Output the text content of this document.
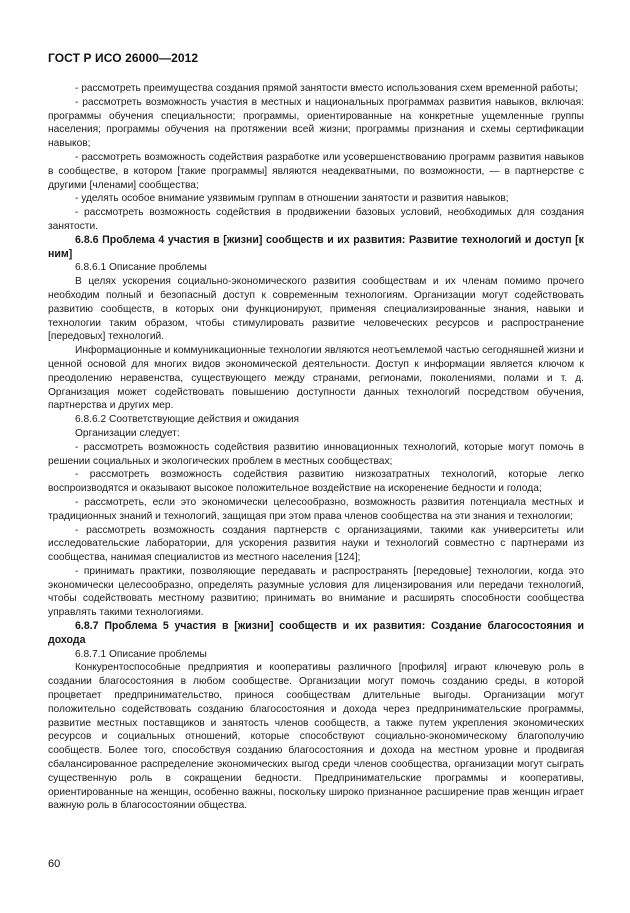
ГОСТ Р ИСО 26000—2012

- рассмотреть преимущества создания прямой занятости вместо использования схем временной работы;

- рассмотреть возможность участия в местных и национальных программах развития навыков, включая: программы обучения специальности; программы, ориентированные на конкретные ущемленные группы населения; программы обучения на протяжении всей жизни; программы признания и схемы сертификации навыков;

- рассмотреть возможность содействия разработке или усовершенствованию программ развития навыков в сообществе, в котором [такие программы] являются неадекватными, по возможности, — в партнерстве с другими [членами] сообщества;

- уделять особое внимание уязвимым группам в отношении занятости и развития навыков;

- рассмотреть возможность содействия в продвижении базовых условий, необходимых для создания занятости.

6.8.6 Проблема 4 участия в [жизни] сообществ и их развития: Развитие технологий и доступ [к ним]

6.8.6.1 Описание проблемы

В целях ускорения социально-экономического развития сообществам и их членам помимо прочего необходим полный и безопасный доступ к современным технологиям. Организации могут содействовать развитию сообществ, в которых они функционируют, применяя специализированные знания, навыки и технологии таким образом, чтобы стимулировать развитие человеческих ресурсов и распространение [передовых] технологий.

Информационные и коммуникационные технологии являются неотъемлемой частью сегодняшней жизни и ценной основой для многих видов экономической деятельности. Доступ к информации является ключом к преодолению неравенства, существующего между странами, регионами, поколениями, полами и т. д. Организация может содействовать повышению доступности данных технологий посредством обучения, партнерства и других мер.

6.8.6.2 Соответствующие действия и ожидания

Организации следует:

- рассмотреть возможность содействия развитию инновационных технологий, которые могут помочь в решении социальных и экологических проблем в местных сообществах;

- рассмотреть возможность содействия развитию низкозатратных технологий, которые легко воспроизводятся и оказывают высокое положительное воздействие на искоренение бедности и голода;

- рассмотреть, если это экономически целесообразно, возможность развития потенциала местных и традиционных знаний и технологий, защищая при этом права членов сообщества на эти знания и технологии;

- рассмотреть возможность создания партнерств с организациями, такими как университеты или исследовательские лаборатории, для ускорения развития науки и технологий совместно с партнерами из сообщества, нанимая специалистов из местного населения [124];

- принимать практики, позволяющие передавать и распространять [передовые] технологии, когда это экономически целесообразно, определять разумные условия для лицензирования или передачи технологий, чтобы содействовать местному развитию; принимать во внимание и расширять способности сообщества управлять такими технологиями.

6.8.7 Проблема 5 участия в [жизни] сообществ и их развития: Создание благосостояния и дохода

6.8.7.1 Описание проблемы

Конкурентоспособные предприятия и кооперативы различного [профиля] играют ключевую роль в создании благосостояния в любом сообществе. Организации могут помочь созданию среды, в которой процветает предпринимательство, принося сообществам длительные выгоды. Организации могут положительно содействовать созданию благосостояния и дохода через предпринимательские программы, развитие местных поставщиков и занятость членов сообществ, а также путем укрепления экономических ресурсов и социальных отношений, которые способствуют социально-экономическому благополучию сообществ. Более того, способствуя созданию благосостояния и дохода на местном уровне и продвигая сбалансированное распределение экономических выгод среди членов сообщества, организации могут сыграть существенную роль в сокращении бедности. Предпринимательские программы и кооперативы, ориентированные на женщин, особенно важны, поскольку широко признанное расширение прав женщин играет важную роль в благосостоянии общества.

60
